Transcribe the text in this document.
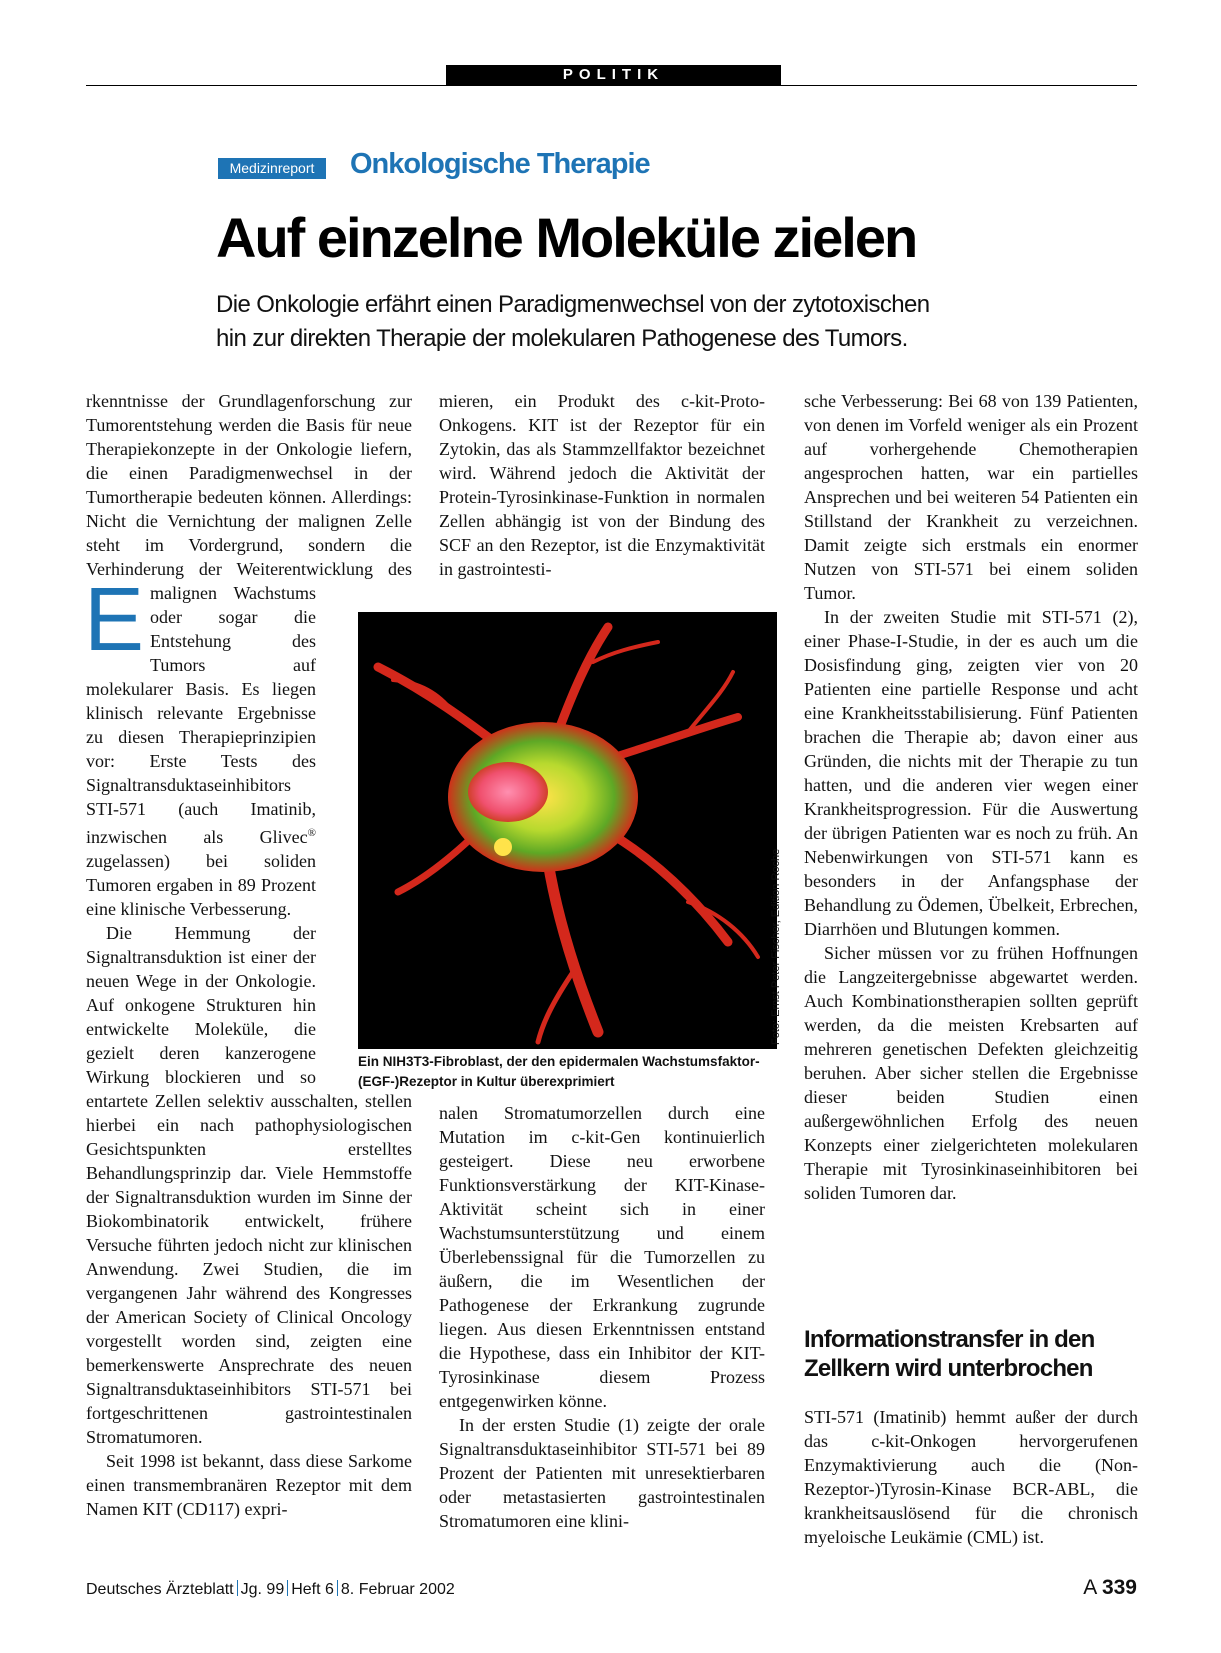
POLITIK
Medizinreport	Onkologische Therapie
Auf einzelne Moleküle zielen
Die Onkologie erfährt einen Paradigmenwechsel von der zytotoxischen
hin zur direkten Therapie der molekularen Pathogenese des Tumors.

E
rkenntnisse der Grundlagenforschung zur Tumorentstehung werden die Basis für neue Therapiekonzepte in der Onkologie liefern, die einen Paradigmenwechsel in der Tumortherapie bedeuten können. Allerdings: Nicht die Vernichtung der malignen Zelle steht im Vordergrund, sondern die Verhinderung der Weiterentwicklung des malignen Wachstums oder sogar die Entstehung des Tumors auf molekularer Basis. Es liegen klinisch relevante Ergebnisse zu diesen Therapieprinzipien vor: Erste Tests des Signaltransduktaseinhibitors STI-571 (auch Imatinib, inzwischen als Glivec® zugelassen) bei soliden Tumoren ergaben in 89 Prozent eine klinische Verbesserung.

Die Hemmung der Signaltransduktion ist einer der neuen Wege in der Onkologie. Auf onkogene Strukturen hin entwickelte Moleküle, die gezielt deren kanzerogene Wirkung blockieren und so entartete Zellen selektiv ausschalten, stellen hierbei ein nach pathophysiologischen Gesichtspunkten erstelltes Behandlungsprinzip dar. Viele Hemmstoffe der Signaltransduktion wurden im Sinne der Biokombinatorik entwickelt, frühere Versuche führten jedoch nicht zur klinischen Anwendung. Zwei Studien, die im vergangenen Jahr während des Kongresses der American Society of Clinical Oncology vorgestellt worden sind, zeigten eine bemerkenswerte Ansprechrate des neuen Signaltransduktaseinhibitors STI-571 bei fortgeschrittenen gastrointestinalen Stromatumoren.

Seit 1998 ist bekannt, dass diese Sarkome einen transmembranären Rezeptor mit dem Namen KIT (CD117) expri-

mieren, ein Produkt des c-kit-Proto-Onkogens. KIT ist der Rezeptor für ein Zytokin, das als Stammzellfaktor bezeichnet wird. Während jedoch die Aktivität der Protein-Tyrosinkinase-Funktion in normalen Zellen abhängig ist von der Bindung des SCF an den Rezeptor, ist die Enzymaktivität in gastrointesti-

nalen Stromatumorzellen durch eine Mutation im c-kit-Gen kontinuierlich gesteigert. Diese neu erworbene Funktionsverstärkung der KIT-Kinase-Aktivität scheint sich in einer Wachstumsunterstützung und einem Überlebenssignal für die Tumorzellen zu äußern, die im Wesentlichen der Pathogenese der Erkrankung zugrunde liegen. Aus diesen Erkenntnissen entstand die Hypothese, dass ein Inhibitor der KIT-Tyrosinkinase diesem Prozess entgegenwirken könne.

In der ersten Studie (1) zeigte der orale Signaltransduktaseinhibitor STI-571 bei 89 Prozent der Patienten mit unresektierbaren oder metastasierten gastrointestinalen Stromatumoren eine klini-

Foto: Ernst Peter Fischer, Edition Roche
Ein NIH3T3-Fibroblast, der den epidermalen Wachstumsfaktor-(EGF-)Rezeptor in Kultur überexprimiert

sche Verbesserung: Bei 68 von 139 Patienten, von denen im Vorfeld weniger als ein Prozent auf vorhergehende Chemotherapien angesprochen hatten, war ein partielles Ansprechen und bei weiteren 54 Patienten ein Stillstand der Krankheit zu verzeichnen. Damit zeigte sich erstmals ein enormer Nutzen von STI-571 bei einem soliden Tumor.

In der zweiten Studie mit STI-571 (2), einer Phase-I-Studie, in der es auch um die Dosisfindung ging, zeigten vier von 20 Patienten eine partielle Response und acht eine Krankheitsstabilisierung. Fünf Patienten brachen die Therapie ab; davon einer aus Gründen, die nichts mit der Therapie zu tun hatten, und die anderen vier wegen einer Krankheitsprogression. Für die Auswertung der übrigen Patienten war es noch zu früh. An Nebenwirkungen von STI-571 kann es besonders in der Anfangsphase der Behandlung zu Ödemen, Übelkeit, Erbrechen, Diarrhöen und Blutungen kommen.

Sicher müssen vor zu frühen Hoffnungen die Langzeitergebnisse abgewartet werden. Auch Kombinationstherapien sollten geprüft werden, da die meisten Krebsarten auf mehreren genetischen Defekten gleichzeitig beruhen. Aber sicher stellen die Ergebnisse dieser beiden Studien einen außergewöhnlichen Erfolg des neuen Konzepts einer zielgerichteten molekularen Therapie mit Tyrosinkinaseinhibitoren bei soliden Tumoren dar.

Informationstransfer in den
Zellkern wird unterbrochen

STI-571 (Imatinib) hemmt außer der durch das c-kit-Onkogen hervorgerufenen Enzymaktivierung auch die (Non-Rezeptor-)Tyrosin-Kinase BCR-ABL, die krankheitsauslösend für die chronisch myeloische Leukämie (CML) ist.

Deutsches Ärzteblatt Jg. 99 Heft 6 8. Februar 2002	A 339
